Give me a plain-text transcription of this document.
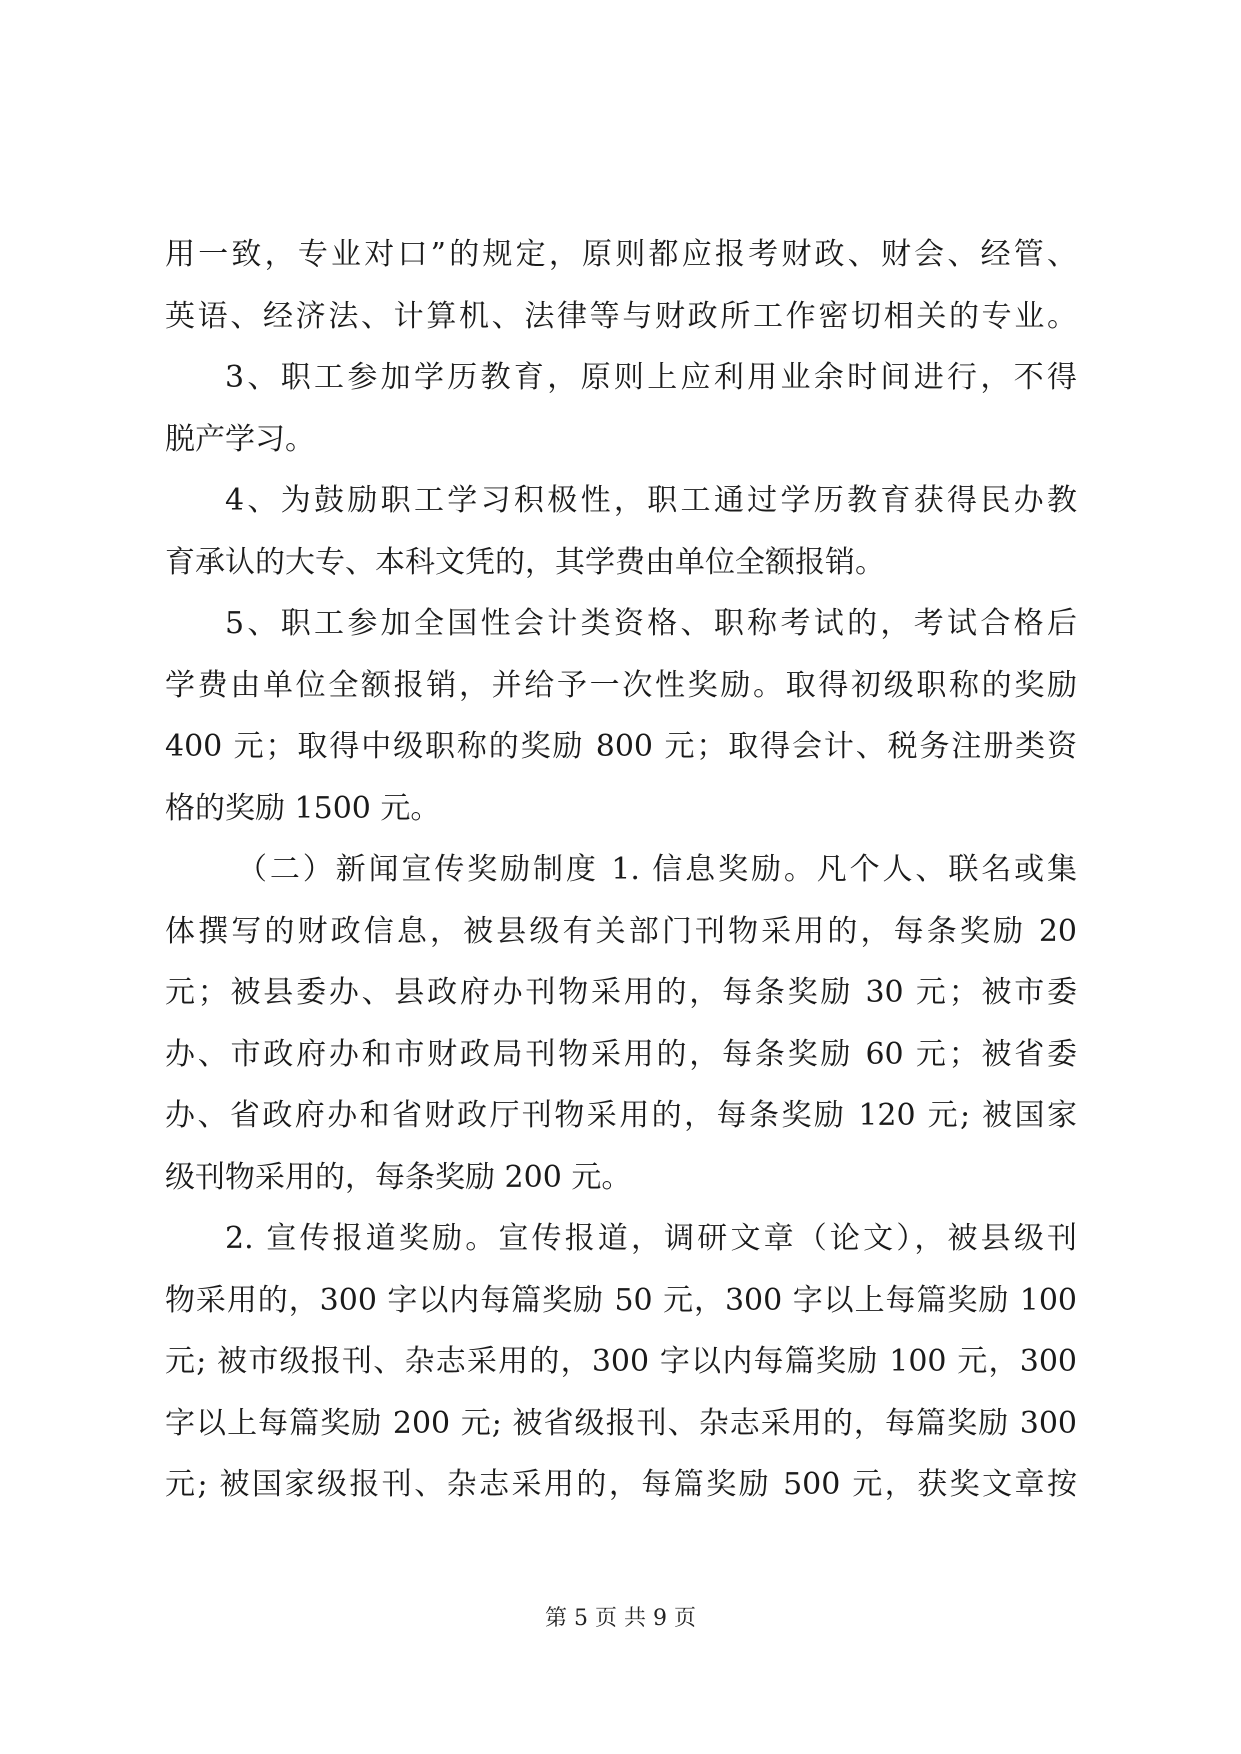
用一致，专业对口”的规定，原则都应报考财政、财会、经管、
英语、经济法、计算机、法律等与财政所工作密切相关的专业。
3、职工参加学历教育，原则上应利用业余时间进行，不得
脱产学习。
4、为鼓励职工学习积极性，职工通过学历教育获得民办教
育承认的大专、本科文凭的，其学费由单位全额报销。
5、职工参加全国性会计类资格、职称考试的，考试合格后
学费由单位全额报销，并给予一次性奖励。取得初级职称的奖励
400 元；取得中级职称的奖励 800 元；取得会计、税务注册类资
格的奖励 1500 元。
（二）新闻宣传奖励制度 1. 信息奖励。凡个人、联名或集
体撰写的财政信息，被县级有关部门刊物采用的，每条奖励 20
元；被县委办、县政府办刊物采用的，每条奖励 30 元；被市委
办、市政府办和市财政局刊物采用的，每条奖励 60 元；被省委
办、省政府办和省财政厅刊物采用的，每条奖励 120 元; 被国家
级刊物采用的，每条奖励 200 元。
2. 宣传报道奖励。宣传报道，调研文章（论文），被县级刊
物采用的，300 字以内每篇奖励 50 元，300 字以上每篇奖励 100
元; 被市级报刊、杂志采用的，300 字以内每篇奖励 100 元，300
字以上每篇奖励 200 元; 被省级报刊、杂志采用的，每篇奖励 300
元; 被国家级报刊、杂志采用的，每篇奖励 500 元，获奖文章按
第 5 页 共 9 页
